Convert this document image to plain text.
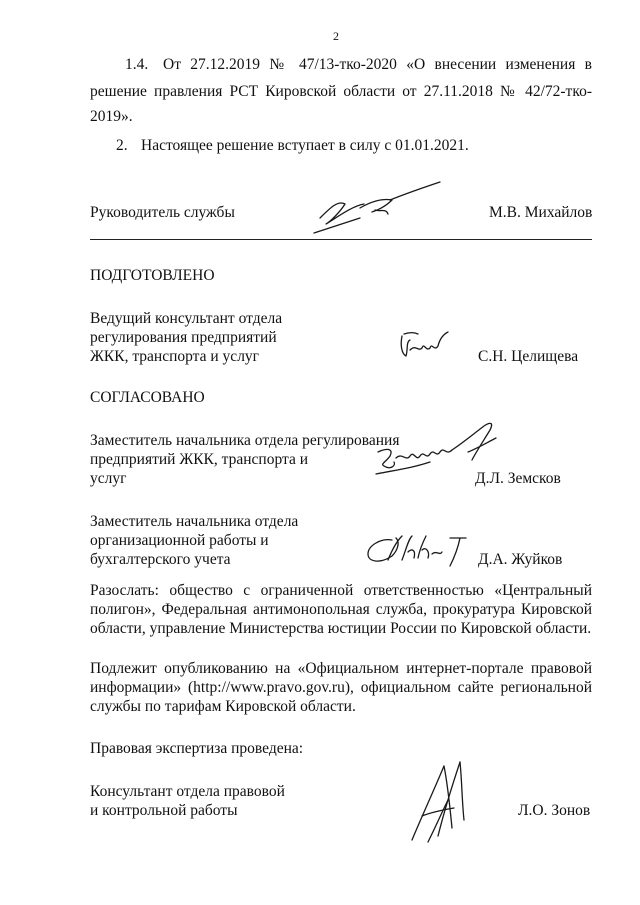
2
1.4. От 27.12.2019 № 47/13-тко-2020 «О внесении изменения в
решение правления РСТ Кировской области от 27.11.2018 № 42/72-тко-
2019».
2. Настоящее решение вступает в силу с 01.01.2021.
Руководитель службы	М.В. Михайлов
ПОДГОТОВЛЕНО
Ведущий консультант отдела
регулирования предприятий
ЖКК, транспорта и услуг	С.Н. Целищева
СОГЛАСОВАНО
Заместитель начальника отдела регулирования
предприятий ЖКК, транспорта и
услуг	Д.Л. Земсков
Заместитель начальника отдела
организационной работы и
бухгалтерского учета	Д.А. Жуйков
Разослать: общество с ограниченной ответственностью «Центральный полигон», Федеральная антимонопольная служба, прокуратура Кировской области, управление Министерства юстиции России по Кировской области.
Подлежит опубликованию на «Официальном интернет-портале правовой информации» (http://www.pravo.gov.ru), официальном сайте региональной службы по тарифам Кировской области.
Правовая экспертиза проведена:
Консультант отдела правовой
и контрольной работы	Л.О. Зонов
